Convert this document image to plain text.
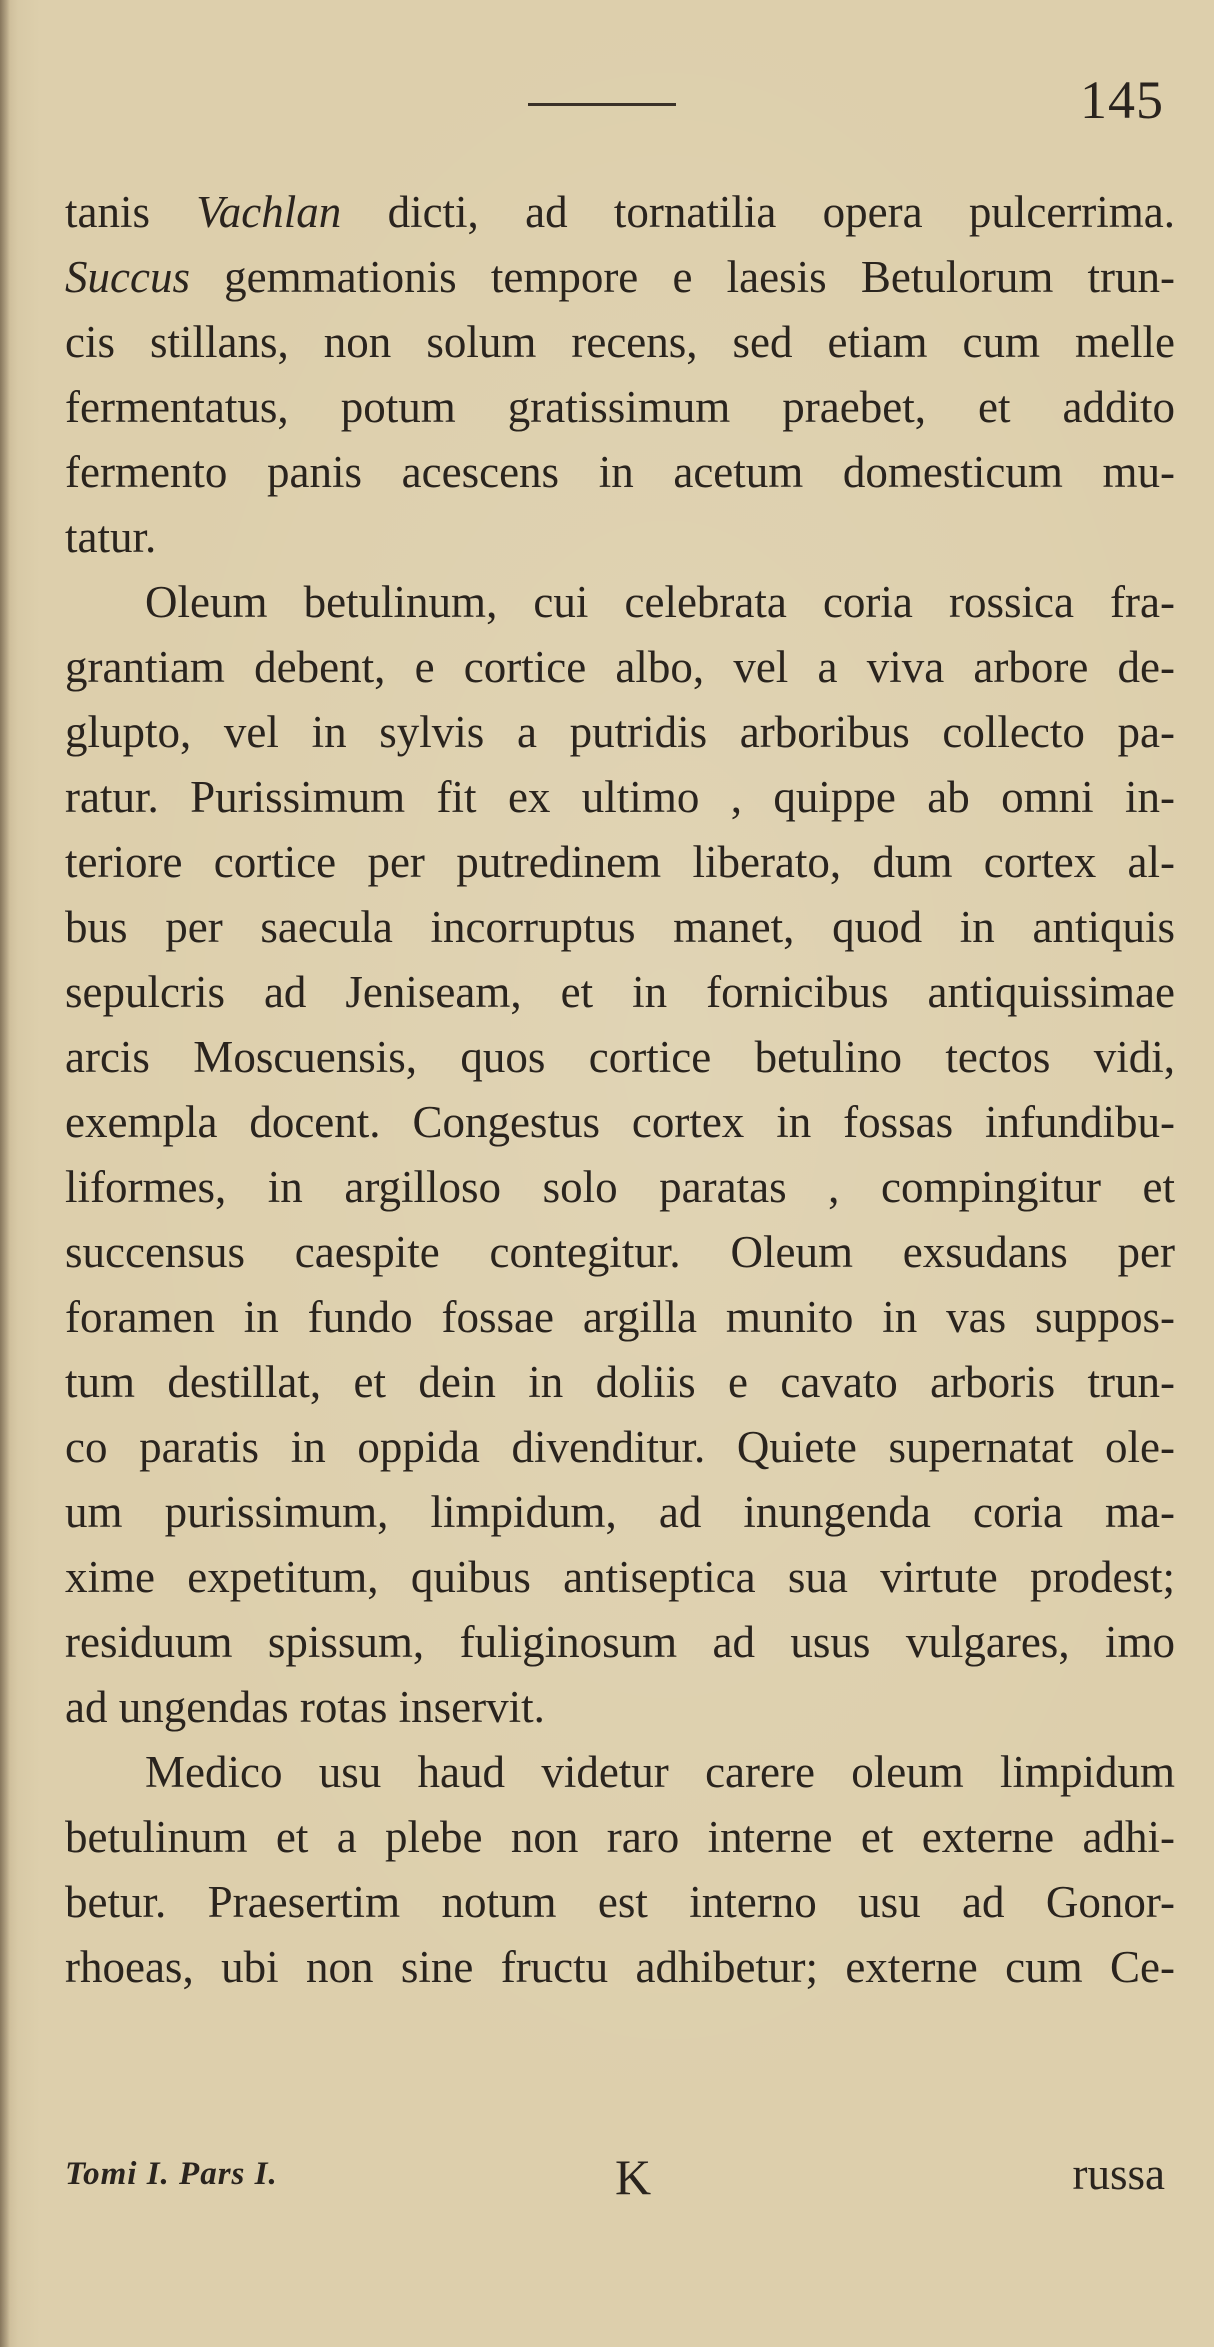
145
tanis Vachlan dicti, ad tornatilia opera pulcerrima.
Succus gemmationis tempore e laesis Betulorum trun-
cis stillans, non solum recens, sed etiam cum melle
fermentatus, potum gratissimum praebet, et addito
fermento panis acescens in acetum domesticum mu-
tatur.
Oleum betulinum, cui celebrata coria rossica fra-
grantiam debent, e cortice albo, vel a viva arbore de-
glupto, vel in sylvis a putridis arboribus collecto pa-
ratur. Purissimum fit ex ultimo , quippe ab omni in-
teriore cortice per putredinem liberato, dum cortex al-
bus per saecula incorruptus manet, quod in antiquis
sepulcris ad Jeniseam, et in fornicibus antiquissimae
arcis Moscuensis, quos cortice betulino tectos vidi,
exempla docent. Congestus cortex in fossas infundibu-
liformes, in argilloso solo paratas , compingitur et
succensus caespite contegitur. Oleum exsudans per
foramen in fundo fossae argilla munito in vas suppos-
tum destillat, et dein in doliis e cavato arboris trun-
co paratis in oppida divenditur. Quiete supernatat ole-
um purissimum, limpidum, ad inungenda coria ma-
xime expetitum, quibus antiseptica sua virtute prodest;
residuum spissum, fuliginosum ad usus vulgares, imo
ad ungendas rotas inservit.
Medico usu haud videtur carere oleum limpidum
betulinum et a plebe non raro interne et externe adhi-
betur. Praesertim notum est interno usu ad Gonor-
rhoeas, ubi non sine fructu adhibetur; externe cum Ce-
Tomi I. Pars I.	K	russa
